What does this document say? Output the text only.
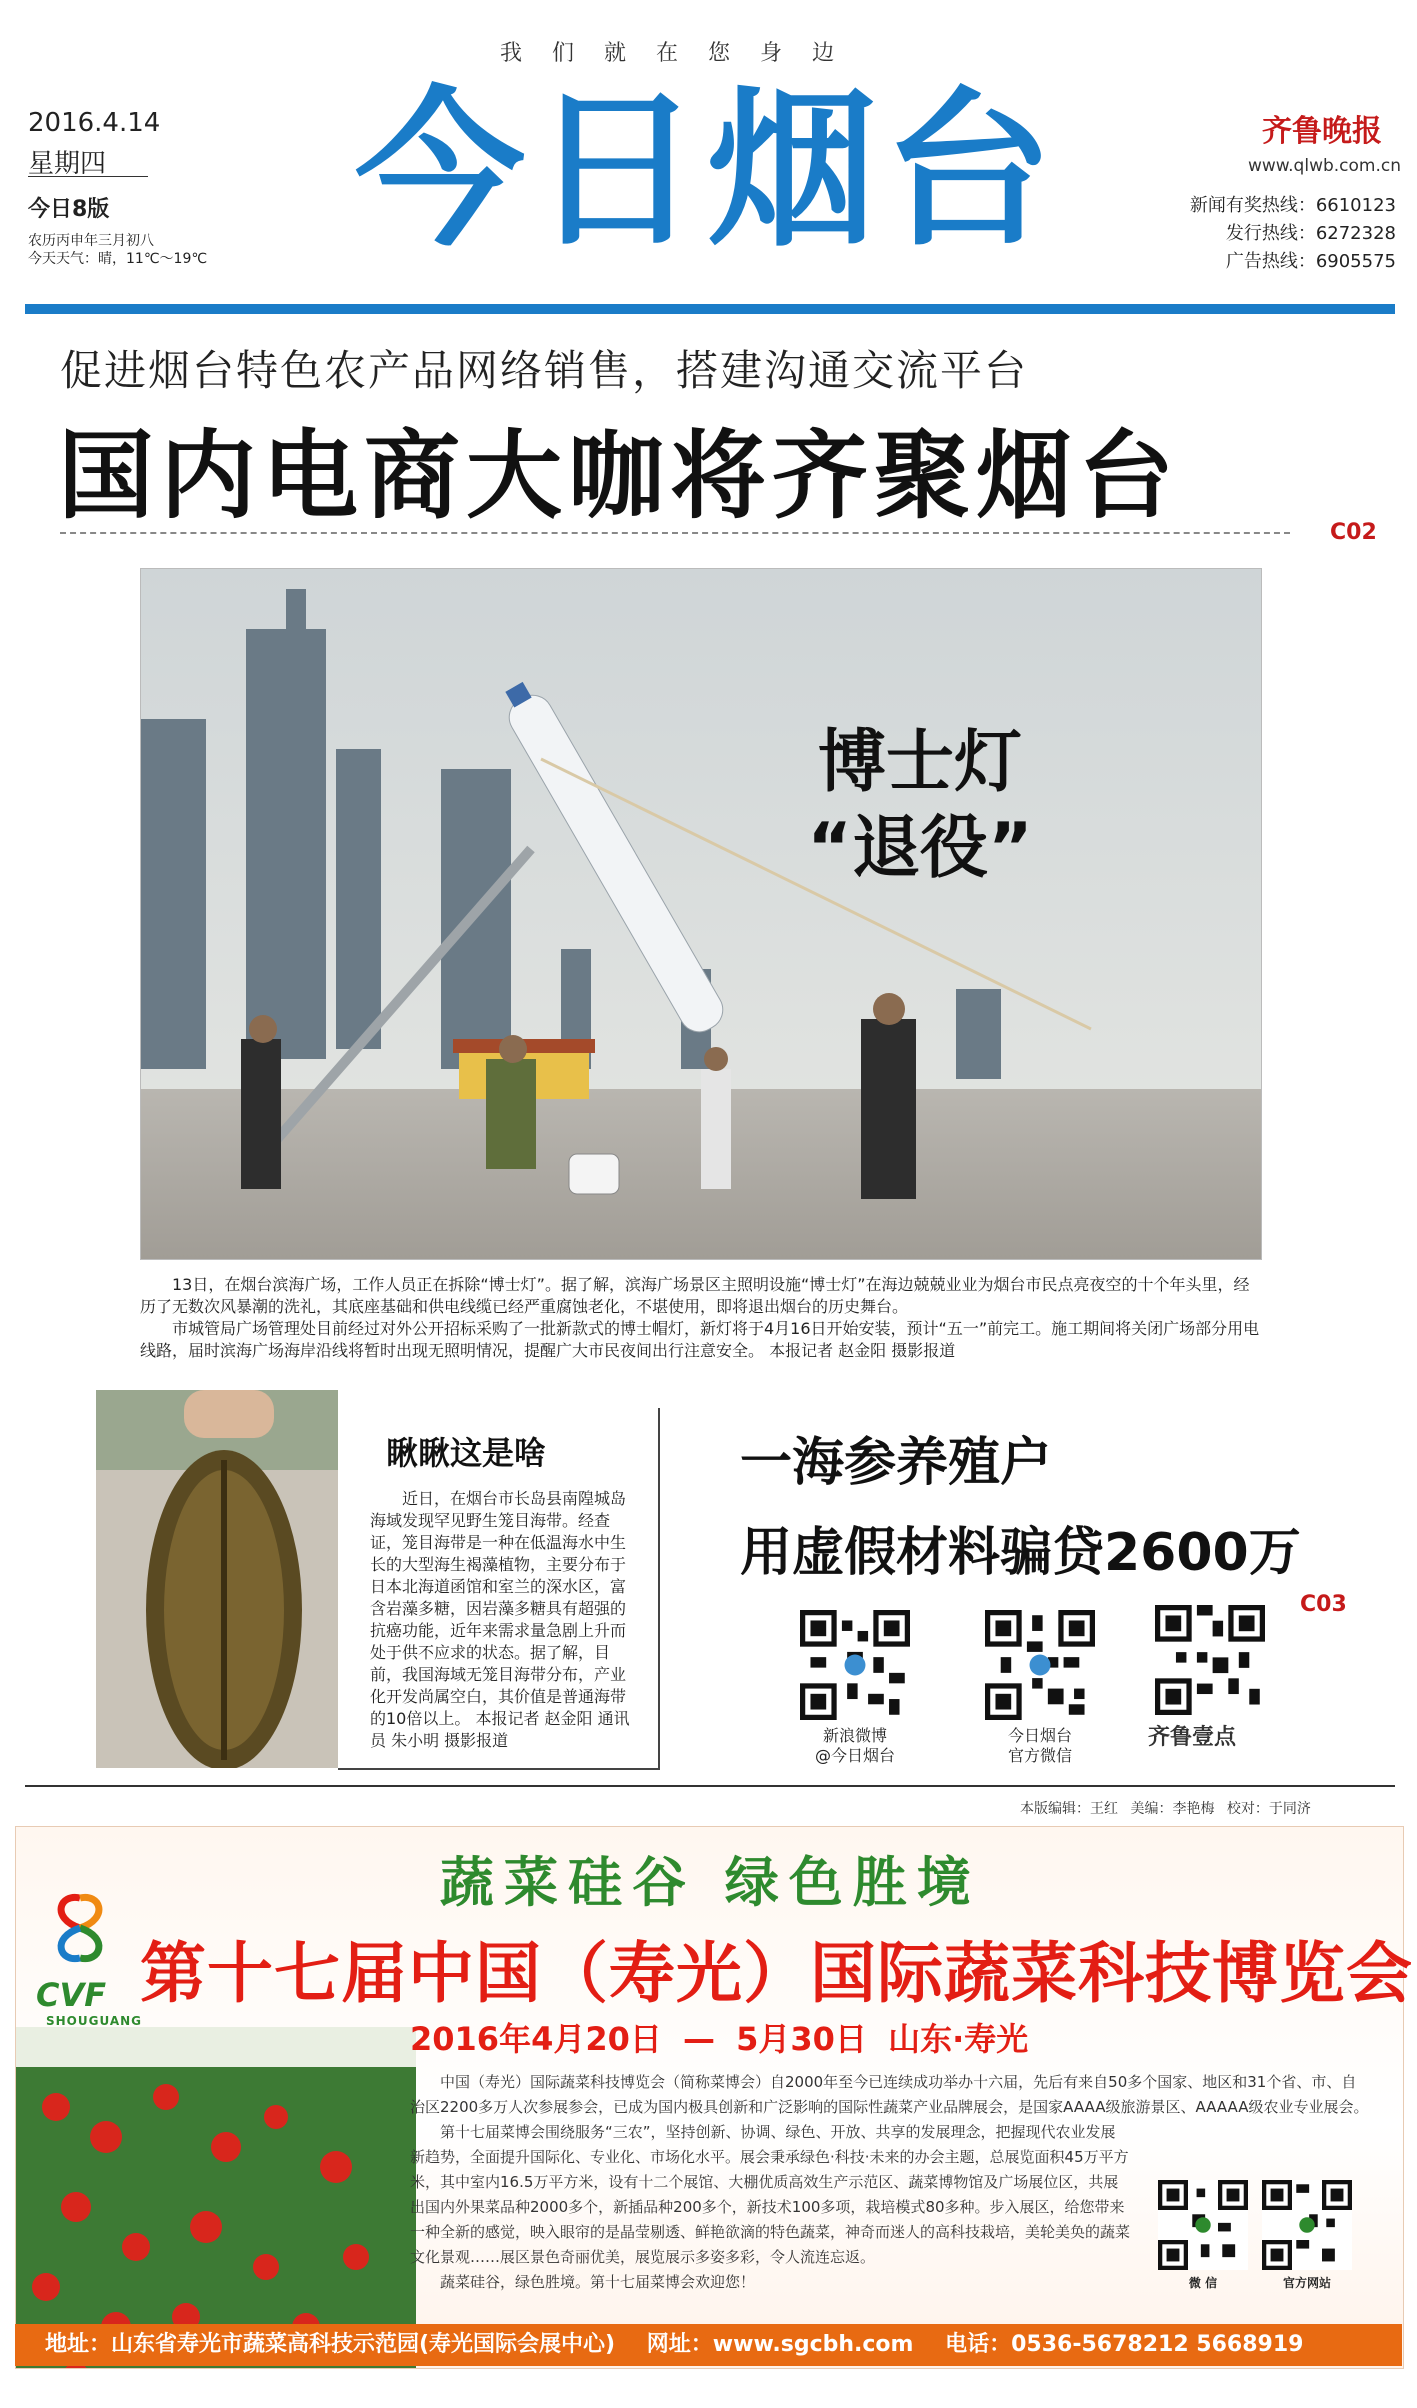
我们就在您身边
2016.4.14
星期四
今日8版
农历丙申年三月初八
今天天气：晴，11℃～19℃ 今日烟台	齐鲁晚报
www.qlwb.com.cn
新闻有奖热线：6610123
发行热线：6272328
广告热线：6905575
促进烟台特色农产品网络销售，搭建沟通交流平台
国内电商大咖将齐聚烟台
C02
博士灯
“退役”

13日，在烟台滨海广场，工作人员正在拆除“博士灯”。据了解，滨海广场景区主照明设施“博士灯”在海边兢兢业业为烟台市民点亮夜空的十个年头里，经历了无数次风暴潮的洗礼，其底座基础和供电线缆已经严重腐蚀老化，不堪使用，即将退出烟台的历史舞台。

市城管局广场管理处目前经过对外公开招标采购了一批新款式的博士帽灯，新灯将于4月16日开始安装，预计“五一”前完工。施工期间将关闭广场部分用电线路，届时滨海广场海岸沿线将暂时出现无照明情况，提醒广大市民夜间出行注意安全。 本报记者 赵金阳 摄影报道

瞅瞅这是啥
近日，在烟台市长岛县南隍城岛海域发现罕见野生笼目海带。经查证，笼目海带是一种在低温海水中生长的大型海生褐藻植物，主要分布于日本北海道函馆和室兰的深水区，富含岩藻多糖，因岩藻多糖具有超强的抗癌功能，近年来需求量急剧上升而处于供不应求的状态。据了解，目前，我国海域无笼目海带分布，产业化开发尚属空白，其价值是普通海带的10倍以上。 本报记者 赵金阳 通讯员 朱小明 摄影报道
一海参养殖户
用虚假材料骗贷2600万
C03
新浪微博
@今日烟台
今日烟台
官方微信
齐鲁壹点
本版编辑：王红 美编：李艳梅 校对：于同济
CVF
SHOUGUANG
蔬菜硅谷 绿色胜境
第十七届中国（寿光）国际蔬菜科技博览会
2016年4月20日 — 5月30日 山东·寿光

中国（寿光）国际蔬菜科技博览会（简称菜博会）自2000年至今已连续成功举办十六届，先后有来自50多个国家、地区和31个省、市、自治区2200多万人次参展参会，已成为国内极具创新和广泛影响的国际性蔬菜产业品牌展会，是国家AAAA级旅游景区、AAAAA级农业专业展会。

第十七届菜博会围绕服务“三农”，坚持创新、协调、绿色、开放、共享的发展理念，把握现代农业发展新趋势，全面提升国际化、专业化、市场化水平。展会秉承绿色·科技·未来的办会主题，总展览面积45万平方米，其中室内16.5万平方米，设有十二个展馆、大棚优质高效生产示范区、蔬菜博物馆及广场展位区，共展出国内外果菜品种2000多个，新插品种200多个，新技术100多项，栽培模式80多种。步入展区，给您带来一种全新的感觉，映入眼帘的是晶莹剔透、鲜艳欲滴的特色蔬菜，神奇而迷人的高科技栽培，美轮美奂的蔬菜文化景观……展区景色奇丽优美，展览展示多姿多彩，令人流连忘返。

蔬菜硅谷，绿色胜境。第十七届菜博会欢迎您！	微 信	官方网站
地址：山东省寿光市蔬菜高科技示范园(寿光国际会展中心) 网址：www.sgcbh.com 电话：0536-5678212 5668919 5662506
